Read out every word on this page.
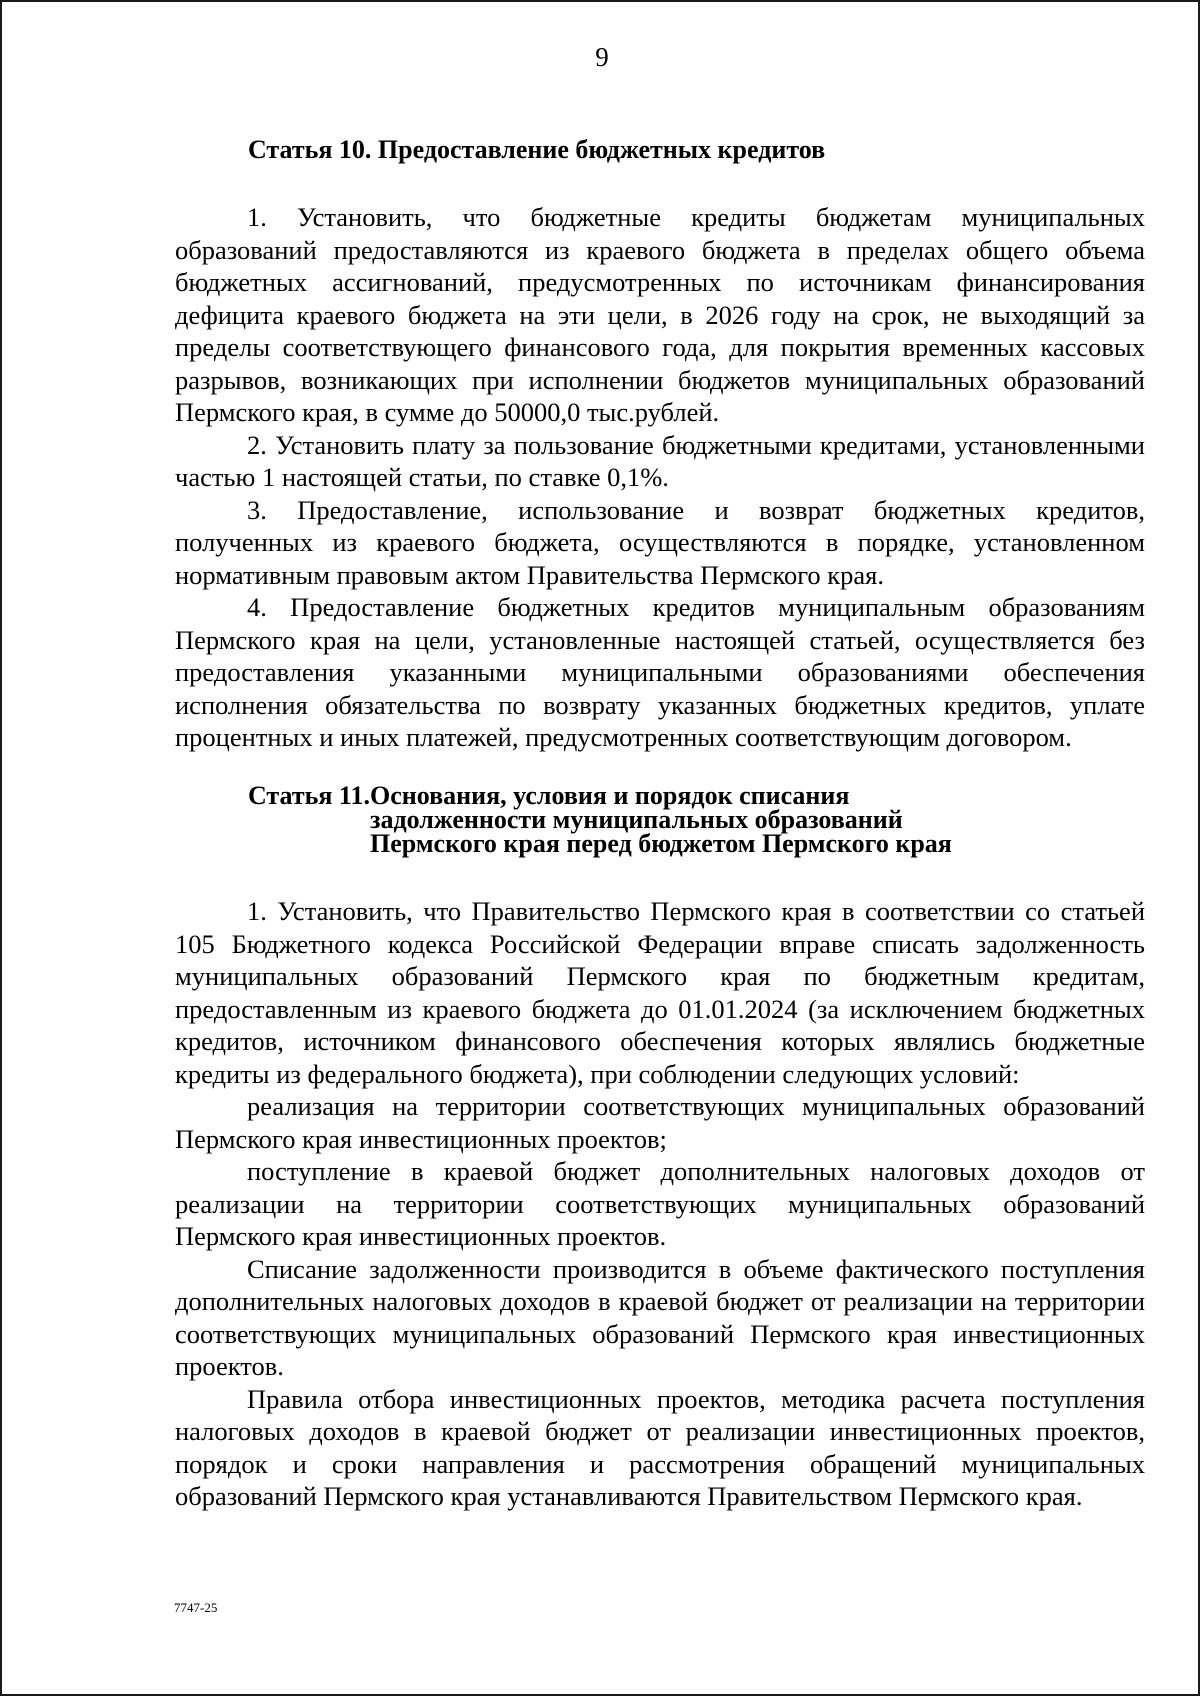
9
Статья 10. Предоставление бюджетных кредитов

1. Установить, что бюджетные кредиты бюджетам муниципальных образований предоставляются из краевого бюджета в пределах общего объема бюджетных ассигнований, предусмотренных по источникам финансирования дефицита краевого бюджета на эти цели, в 2026 году на срок, не выходящий за пределы соответствующего финансового года, для покрытия временных кассовых разрывов, возникающих при исполнении бюджетов муниципальных образований Пермского края, в сумме до 50000,0 тыс.рублей.

2. Установить плату за пользование бюджетными кредитами, установленными частью 1 настоящей статьи, по ставке 0,1%.

3. Предоставление, использование и возврат бюджетных кредитов, полученных из краевого бюджета, осуществляются в порядке, установленном нормативным правовым актом Правительства Пермского края.

4. Предоставление бюджетных кредитов муниципальным образованиям Пермского края на цели, установленные настоящей статьей, осуществляется без предоставления указанными муниципальными образованиями обеспечения исполнения обязательства по возврату указанных бюджетных кредитов, уплате процентных и иных платежей, предусмотренных соответствующим договором.

Статья 11. Основания, условия и порядок списания
задолженности муниципальных образований
Пермского края перед бюджетом Пермского края

1. Установить, что Правительство Пермского края в соответствии со статьей 105 Бюджетного кодекса Российской Федерации вправе списать задолженность муниципальных образований Пермского края по бюджетным кредитам, предоставленным из краевого бюджета до 01.01.2024 (за исключением бюджетных кредитов, источником финансового обеспечения которых являлись бюджетные кредиты из федерального бюджета), при соблюдении следующих условий:

реализация на территории соответствующих муниципальных образований Пермского края инвестиционных проектов;

поступление в краевой бюджет дополнительных налоговых доходов от реализации на территории соответствующих муниципальных образований Пермского края инвестиционных проектов.

Списание задолженности производится в объеме фактического поступления дополнительных налоговых доходов в краевой бюджет от реализации на территории соответствующих муниципальных образований Пермского края инвестиционных проектов.

Правила отбора инвестиционных проектов, методика расчета поступления налоговых доходов в краевой бюджет от реализации инвестиционных проектов, порядок и сроки направления и рассмотрения обращений муниципальных образований Пермского края устанавливаются Правительством Пермского края.

7747-25
